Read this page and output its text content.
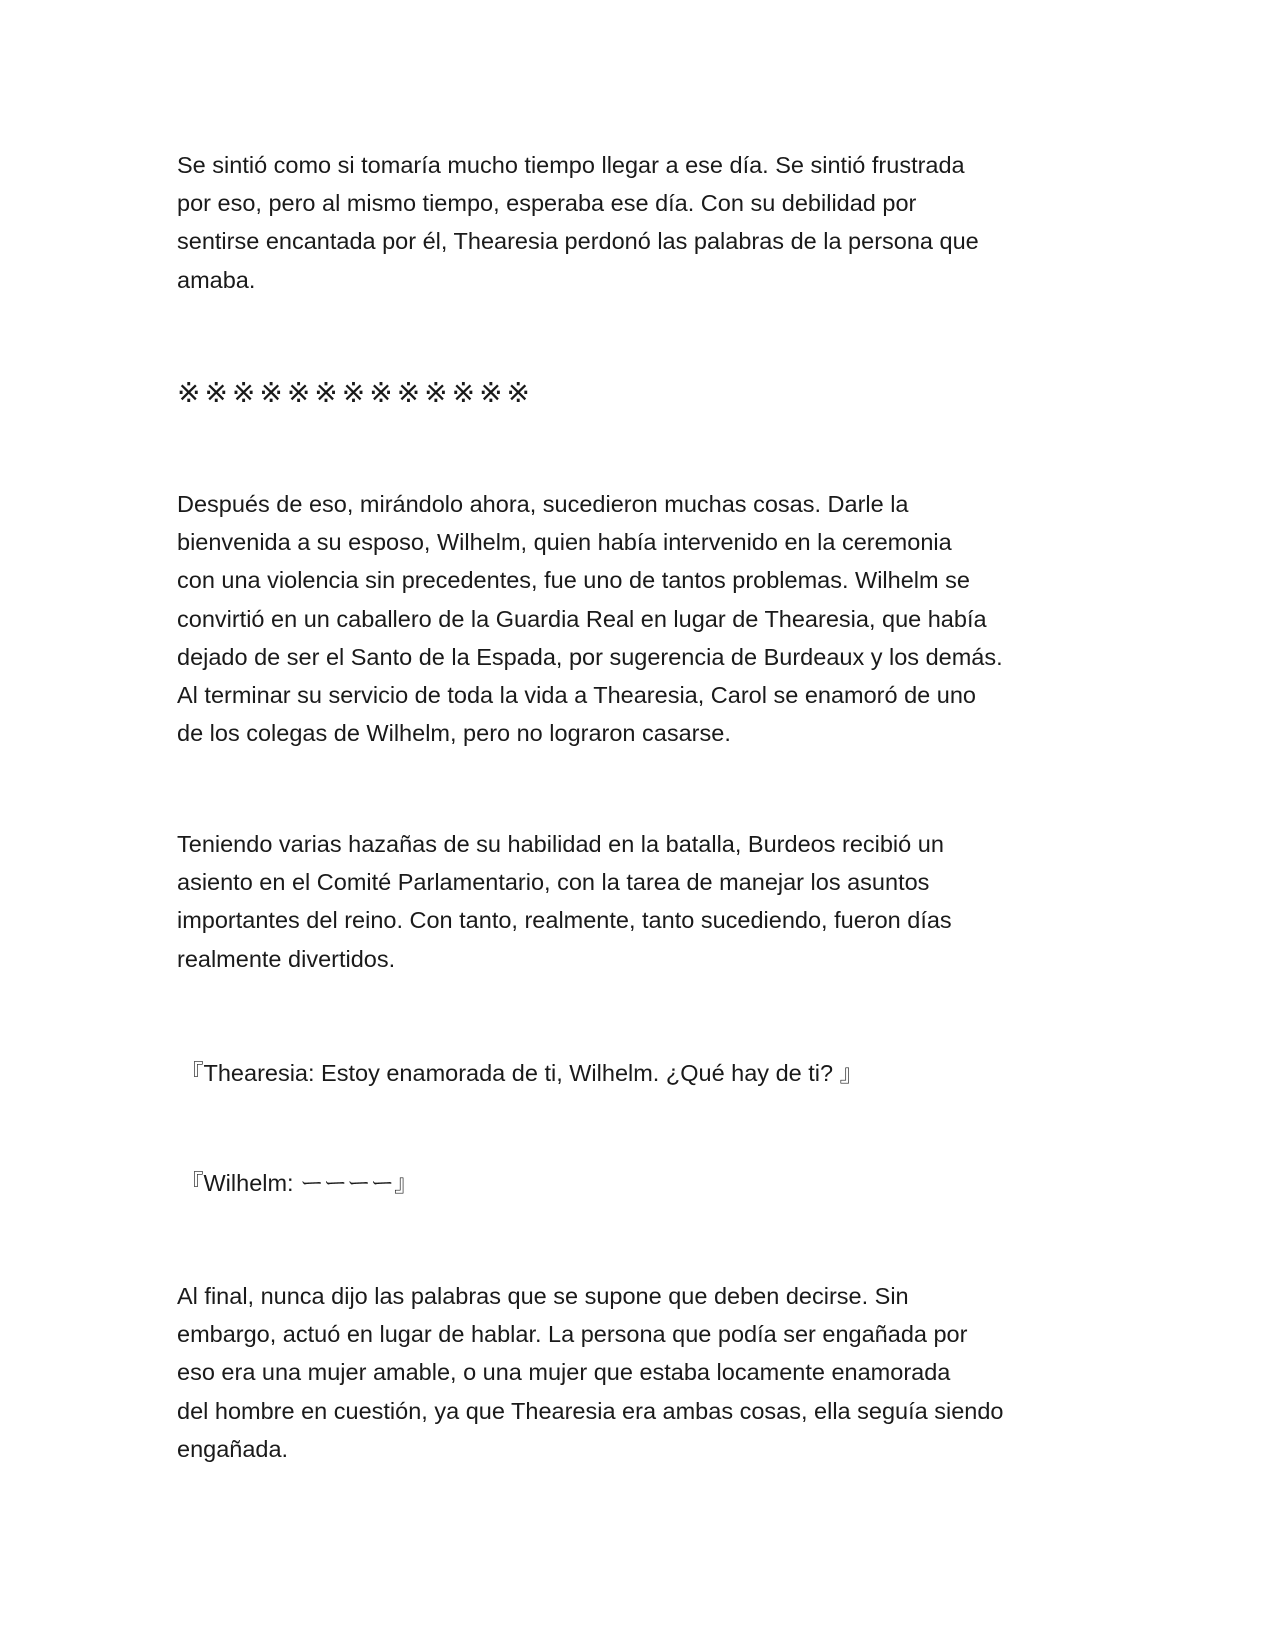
Se sintió como si tomaría mucho tiempo llegar a ese día. Se sintió frustrada
por eso, pero al mismo tiempo, esperaba ese día. Con su debilidad por
sentirse encantada por él, Thearesia perdonó las palabras de la persona que
amaba.

※※※※※※※※※※※※※

Después de eso, mirándolo ahora, sucedieron muchas cosas. Darle la
bienvenida a su esposo, Wilhelm, quien había intervenido en la ceremonia
con una violencia sin precedentes, fue uno de tantos problemas. Wilhelm se
convirtió en un caballero de la Guardia Real en lugar de Thearesia, que había
dejado de ser el Santo de la Espada, por sugerencia de Burdeaux y los demás.
Al terminar su servicio de toda la vida a Thearesia, Carol se enamoró de uno
de los colegas de Wilhelm, pero no lograron casarse.

Teniendo varias hazañas de su habilidad en la batalla, Burdeos recibió un
asiento en el Comité Parlamentario, con la tarea de manejar los asuntos
importantes del reino. Con tanto, realmente, tanto sucediendo, fueron días
realmente divertidos.

『Thearesia: Estoy enamorada de ti, Wilhelm. ¿Qué hay de ti? 』

『Wilhelm: ーーーー』

Al final, nunca dijo las palabras que se supone que deben decirse. Sin
embargo, actuó en lugar de hablar. La persona que podía ser engañada por
eso era una mujer amable, o una mujer que estaba locamente enamorada
del hombre en cuestión, ya que Thearesia era ambas cosas, ella seguía siendo
engañada.
